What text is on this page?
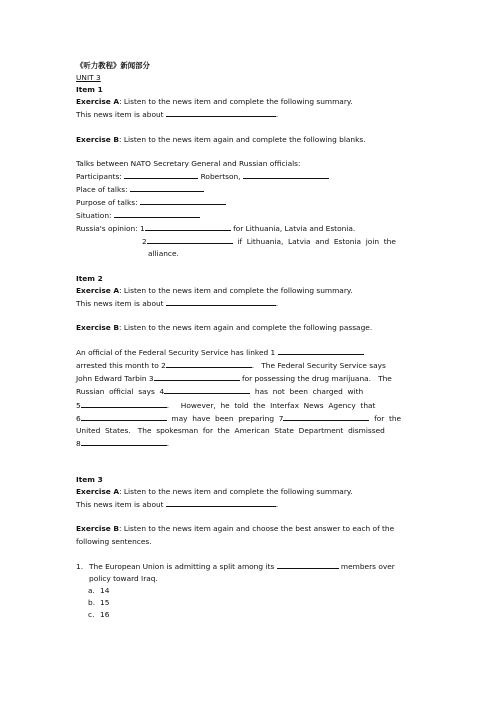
《听力教程》新闻部分
UNIT 3
Item 1
Exercise A: Listen to the news item and complete the following summary.
This news item is about	.
Exercise B: Listen to the news item again and complete the following blanks.
Talks between NATO Secretary General and Russian officials:
Participants:	Robertson,
Place of talks:
Purpose of talks:
Situation:
Russia's opinion: 1	for Lithuania, Latvia and Estonia.
2	if  Lithuania,  Latvia  and  Estonia  join  the
alliance.
Item 2
Exercise A: Listen to the news item and complete the following summary.
This news item is about	.
Exercise B: Listen to the news item again and complete the following passage.
An official of the Federal Security Service has linked 1
arrested this month to 2	.   The Federal Security Service says
John Edward Tarbin 3	for possessing the drug marijuana.   The
Russian  official  says  4	has  not  been  charged  with
5	.     However,  he  told  the  Interfax  News  Agency  that
6	may  have  been  preparing  7	for  the
United  States.   The  spokesman  for  the  American  State  Department  dismissed
8	.
Item 3
Exercise A: Listen to the news item and complete the following summary.
This news item is about	.
Exercise B: Listen to the news item again and choose the best answer to each of the
following sentences.
1. The European Union is admitting a split among its	members over
policy toward Iraq.
a. 14
b. 15
c. 16
